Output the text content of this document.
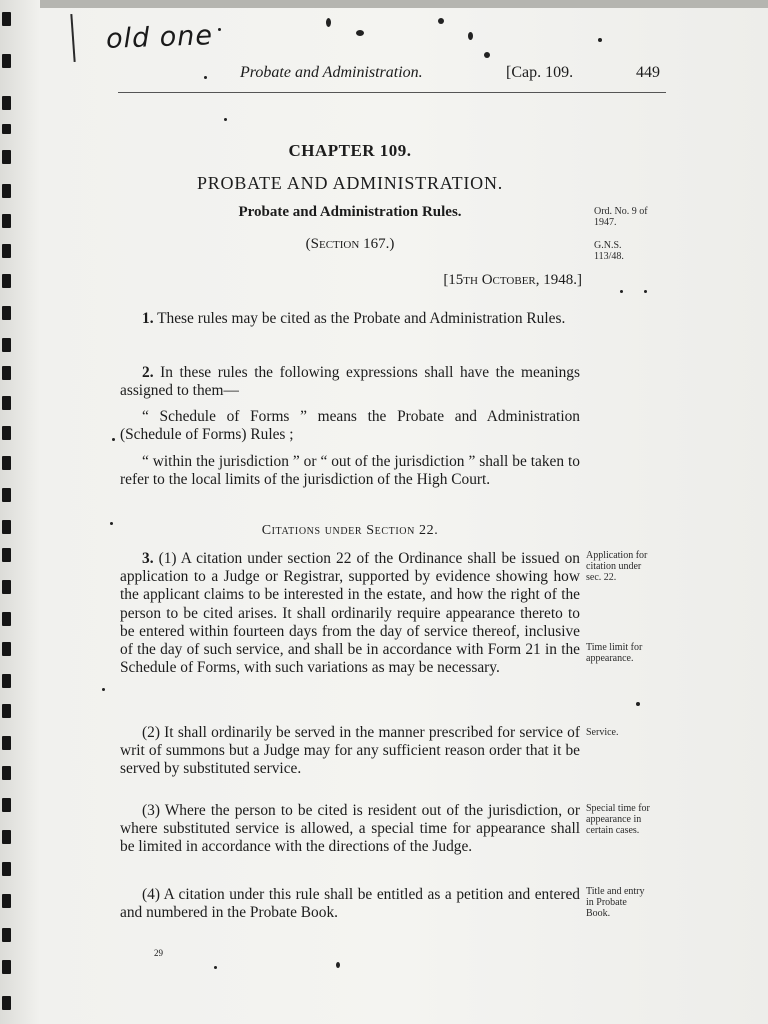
old one
Probate and Administration.	[Cap. 109.	449
CHAPTER 109.
PROBATE AND ADMINISTRATION.
Probate and Administration Rules.
(Section 167.)
[15th October, 1948.]
Ord. No. 9 of 1947.
G.N.S. 113/48.
1. These rules may be cited as the Probate and Administration Rules.
2. In these rules the following expressions shall have the meanings assigned to them—
“ Schedule of Forms ” means the Probate and Administration (Schedule of Forms) Rules ;
“ within the jurisdiction ” or “ out of the jurisdiction ” shall be taken to refer to the local limits of the jurisdiction of the High Court.
Citations under Section 22.
3. (1) A citation under section 22 of the Ordinance shall be issued on application to a Judge or Registrar, supported by evidence showing how the applicant claims to be interested in the estate, and how the right of the person to be cited arises. It shall ordinarily require appearance thereto to be entered within fourteen days from the day of service thereof, inclusive of the day of such service, and shall be in accordance with Form 21 in the Schedule of Forms, with such variations as may be necessary.
Application for citation under sec. 22.
Time limit for appearance.
(2) It shall ordinarily be served in the manner prescribed for service of writ of summons but a Judge may for any sufficient reason order that it be served by substituted service.
Service.
(3) Where the person to be cited is resident out of the jurisdiction, or where substituted service is allowed, a special time for appearance shall be limited in accordance with the directions of the Judge.
Special time for appearance in certain cases.
(4) A citation under this rule shall be entitled as a petition and entered and numbered in the Probate Book.
Title and entry in Probate Book.
29
